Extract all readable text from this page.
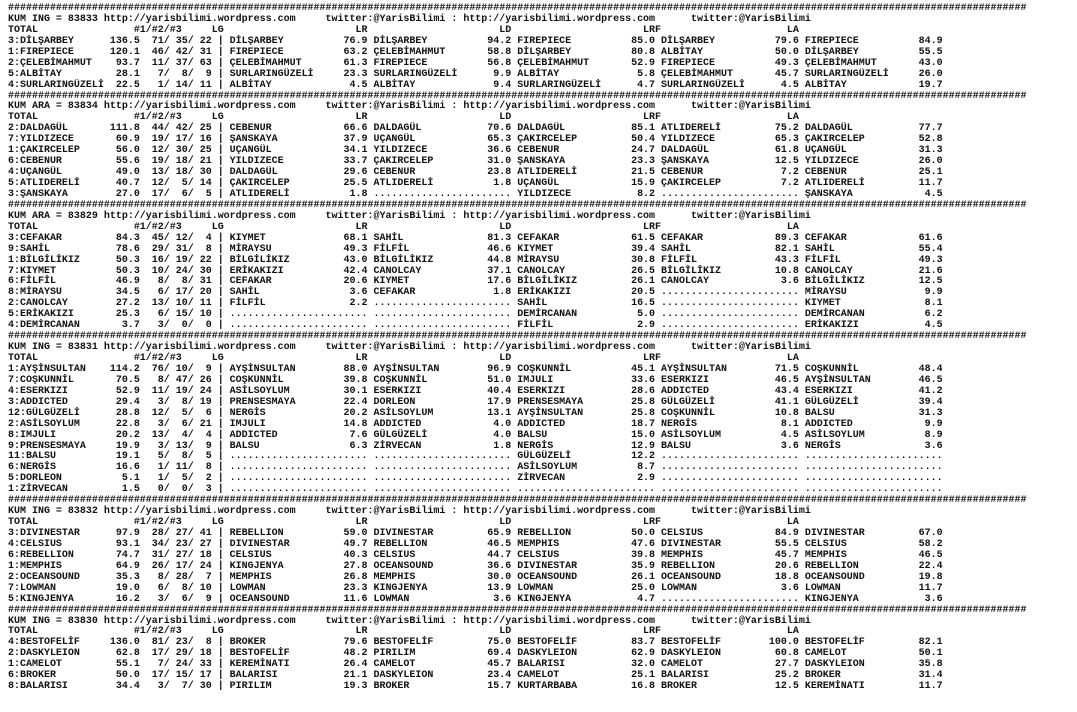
##########################################################################################################################################################################
KUM ING = 83833 http://yarisbilimi.wordpress.com     twitter:@YarisBilimi : http://yarisbilimi.wordpress.com      twitter:@YarisBilimi
TOTAL                #1/#2/#3     LG                      LR                      LD                      LRF                     LA
3:DİLŞARBEY      136.5  71/ 35/ 22 | DİLŞARBEY          76.9 DİLŞARBEY          94.2 FIREPIECE          85.0 DİLŞARBEY          79.6 FIREPIECE          84.9
1:FIREPIECE      120.1  46/ 42/ 31 | FIREPIECE          63.2 ÇELEBİMAHMUT       58.8 DİLŞARBEY          80.8 ALBİTAY            50.0 DİLŞARBEY          55.5
2:ÇELEBİMAHMUT    93.7  11/ 37/ 63 | ÇELEBİMAHMUT       61.3 FIREPIECE          56.8 ÇELEBİMAHMUT       52.9 FIREPIECE          49.3 ÇELEBİMAHMUT       43.0
5:ALBİTAY         28.1   7/  8/  9 | SURLARINGÜZELİ     23.3 SURLARINGÜZELİ      9.9 ALBİTAY             5.8 ÇELEBİMAHMUT       45.7 SURLARINGÜZELİ     26.0
4:SURLARINGÜZELİ  22.5   1/ 14/ 11 | ALBİTAY             4.5 ALBİTAY             9.4 SURLARINGÜZELİ      4.7 SURLARINGÜZELİ      4.5 ALBİTAY            19.7
##########################################################################################################################################################################
KUM ARA = 83834 http://yarisbilimi.wordpress.com     twitter:@YarisBilimi : http://yarisbilimi.wordpress.com      twitter:@YarisBilimi
TOTAL                #1/#2/#3     LG                      LR                      LD                      LRF                     LA
2:DALDAGÜL       111.8  44/ 42/ 25 | CEBENUR            66.6 DALDAGÜL           70.6 DALDAGÜL           85.1 ATLIDERELİ         75.2 DALDAGÜL           77.7
7:YILDIZECE       60.9  19/ 17/ 16 | ŞANSKAYA           37.9 UÇANGÜL            65.3 ÇAKIRCELEP         50.4 YILDIZECE          65.3 ÇAKIRCELEP         52.8
1:ÇAKIRCELEP      56.0  12/ 30/ 25 | UÇANGÜL            34.1 YILDIZECE          36.6 CEBENUR            24.7 DALDAGÜL           61.8 UÇANGÜL            31.3
6:CEBENUR         55.6  19/ 18/ 21 | YILDIZECE          33.7 ÇAKIRCELEP         31.0 ŞANSKAYA           23.3 ŞANSKAYA           12.5 YILDIZECE          26.0
4:UÇANGÜL         49.0  13/ 18/ 30 | DALDAGÜL           29.6 CEBENUR            23.8 ATLIDERELİ         21.5 CEBENUR             7.2 CEBENUR            25.1
5:ATLIDERELİ      40.7  12/  5/ 14 | ÇAKIRCELEP         25.5 ATLIDERELİ          1.8 UÇANGÜL            15.9 ÇAKIRCELEP          7.2 ATLIDERELİ         11.7
3:ŞANSKAYA        27.0  17/  6/  5 | ATLIDERELİ          1.8 ....................... YILDIZECE           8.2 ....................... ŞANSKAYA            4.5
##########################################################################################################################################################################
KUM ARA = 83829 http://yarisbilimi.wordpress.com     twitter:@YarisBilimi : http://yarisbilimi.wordpress.com      twitter:@YarisBilimi
TOTAL                #1/#2/#3     LG                      LR                      LD                      LRF                     LA
3:CEFAKAR         84.3  45/ 12/  4 | KIYMET             68.1 SAHİL              81.3 CEFAKAR            61.5 CEFAKAR            89.3 CEFAKAR            61.6
9:SAHİL           78.6  29/ 31/  8 | MİRAYSU            49.3 FİLFİL             46.6 KIYMET             39.4 SAHİL              82.1 SAHİL              55.4
1:BİLGİLİKIZ      50.3  16/ 19/ 22 | BİLGİLİKIZ         43.0 BİLGİLİKIZ         44.8 MİRAYSU            30.8 FİLFİL             43.3 FİLFİL             49.3
7:KIYMET          50.3  10/ 24/ 30 | ERİKAKIZI          42.4 CANOLCAY           37.1 CANOLCAY           26.5 BİLGİLİKIZ         10.8 CANOLCAY           21.6
6:FİLFİL          46.9   8/  8/ 31 | CEFAKAR            20.6 KIYMET             17.6 BİLGİLİKIZ         26.1 CANOLCAY            3.6 BİLGİLİKIZ         12.5
8:MİRAYSU         34.5   6/ 17/ 20 | SAHİL               3.6 CEFAKAR             1.8 ERİKAKIZI          20.5 ....................... MİRAYSU             9.9
2:CANOLCAY        27.2  13/ 10/ 11 | FİLFİL              2.2 ....................... SAHİL              16.5 ....................... KIYMET              8.1
5:ERİKAKIZI       25.3   6/ 15/ 10 | ....................... ....................... DEMİRCANAN          5.0 ....................... DEMİRCANAN          6.2
4:DEMİRCANAN       3.7   3/  0/  0 | ....................... ....................... FİLFİL              2.9 ....................... ERİKAKIZI           4.5
##########################################################################################################################################################################
KUM ING = 83831 http://yarisbilimi.wordpress.com     twitter:@YarisBilimi : http://yarisbilimi.wordpress.com      twitter:@YarisBilimi
TOTAL                #1/#2/#3     LG                      LR                      LD                      LRF                     LA
1:AYŞİNSULTAN    114.2  76/ 10/  9 | AYŞİNSULTAN        88.0 AYŞİNSULTAN        96.9 COŞKUNNİL          45.1 AYŞİNSULTAN        71.5 COŞKUNNİL          48.4
7:COŞKUNNİL       70.5   8/ 47/ 26 | COŞKUNNİL          39.8 COŞKUNNİL          51.0 IMJULI             33.6 ESERKIZI           46.5 AYŞİNSULTAN        46.5
4:ESERKIZI        52.9  11/ 19/ 24 | ASİLSOYLUM         30.1 ESERKIZI           40.4 ESERKIZI           28.6 ADDICTED           43.4 ESERKIZI           41.2
3:ADDICTED        29.4   3/  8/ 19 | PRENSESMAYA        22.4 DORLEON            17.9 PRENSESMAYA        25.8 GÜLGÜZELİ          41.1 GÜLGÜZELİ          39.4
12:GÜLGÜZELİ      28.8  12/  5/  6 | NERGİS             20.2 ASİLSOYLUM         13.1 AYŞİNSULTAN        25.8 COŞKUNNİL          10.8 BALSU              31.3
2:ASİLSOYLUM      22.8   3/  6/ 21 | IMJULI             14.8 ADDICTED            4.0 ADDICTED           18.7 NERGİS              8.1 ADDICTED            9.9
8:IMJULI          20.2  13/  4/  4 | ADDICTED            7.6 GÜLGÜZELİ           4.0 BALSU              15.0 ASİLSOYLUM          4.5 ASİLSOYLUM          8.9
9:PRENSESMAYA     19.9   3/ 13/  9 | BALSU               6.3 ZİRVECAN            1.8 NERGİS             12.9 BALSU               3.6 NERGİS              3.6
11:BALSU          19.1   5/  8/  5 | ....................... ....................... GÜLGÜZELİ          12.2 ....................... .......................
6:NERGİS          16.6   1/ 11/  8 | ....................... ....................... ASİLSOYLUM          8.7 ....................... .......................
5:DORLEON          5.1   1/  5/  2 | ....................... ....................... ZİRVECAN            2.9 ....................... .......................
1:ZİRVECAN         1.5   0/  0/  3 | ....................... ....................... ....................... ....................... .......................
##########################################################################################################################################################################
KUM ING = 83832 http://yarisbilimi.wordpress.com     twitter:@YarisBilimi : http://yarisbilimi.wordpress.com      twitter:@YarisBilimi
TOTAL                #1/#2/#3     LG                      LR                      LD                      LRF                     LA
3:DIVINESTAR      97.9  28/ 27/ 41 | REBELLION          59.0 DIVINESTAR         65.9 REBELLION          50.0 CELSIUS            84.9 DIVINESTAR         67.0
4:CELSIUS         93.1  34/ 23/ 27 | DIVINESTAR         49.7 REBELLION          46.5 MEMPHIS            47.6 DIVINESTAR         55.5 CELSIUS            58.2
6:REBELLION       74.7  31/ 27/ 18 | CELSIUS            40.3 CELSIUS            44.7 CELSIUS            39.8 MEMPHIS            45.7 MEMPHIS            46.5
1:MEMPHIS         64.9  26/ 17/ 24 | KINGJENYA          27.8 OCEANSOUND         36.6 DIVINESTAR         35.9 REBELLION          20.6 REBELLION          22.4
2:OCEANSOUND      35.3   8/ 28/  7 | MEMPHIS            26.8 MEMPHIS            30.0 OCEANSOUND         26.1 OCEANSOUND         18.8 OCEANSOUND         19.8
7:LOWMAN          19.0   6/  8/ 10 | LOWMAN             23.3 KINGJENYA          13.9 LOWMAN             25.0 LOWMAN              3.6 LOWMAN             11.7
5:KINGJENYA       16.2   3/  6/  9 | OCEANSOUND         11.6 LOWMAN              3.6 KINGJENYA           4.7 ....................... KINGJENYA           3.6
##########################################################################################################################################################################
KUM ING = 83830 http://yarisbilimi.wordpress.com     twitter:@YarisBilimi : http://yarisbilimi.wordpress.com      twitter:@YarisBilimi
TOTAL                #1/#2/#3     LG                      LR                      LD                      LRF                     LA
4:BESTOFELİF     136.0  81/ 23/  8 | BROKER             79.6 BESTOFELİF         75.0 BESTOFELİF         83.7 BESTOFELİF        100.0 BESTOFELİF         82.1
2:DASKYLEION      62.8  17/ 29/ 18 | BESTOFELİF         48.2 PIRILIM            69.4 DASKYLEION         62.9 DASKYLEION         60.8 CAMELOT            50.1
1:CAMELOT         55.1   7/ 24/ 33 | KEREMİNATI         26.4 CAMELOT            45.7 BALARISI           32.0 CAMELOT            27.7 DASKYLEION         35.8
6:BROKER          50.0  17/ 15/ 17 | BALARISI           21.1 DASKYLEION         23.4 CAMELOT            25.1 BALARISI           25.2 BROKER             31.4
8:BALARISI        34.4   3/  7/ 30 | PIRILIM            19.3 BROKER             15.7 KURTARBABA         16.8 BROKER             12.5 KEREMİNATI         11.7
